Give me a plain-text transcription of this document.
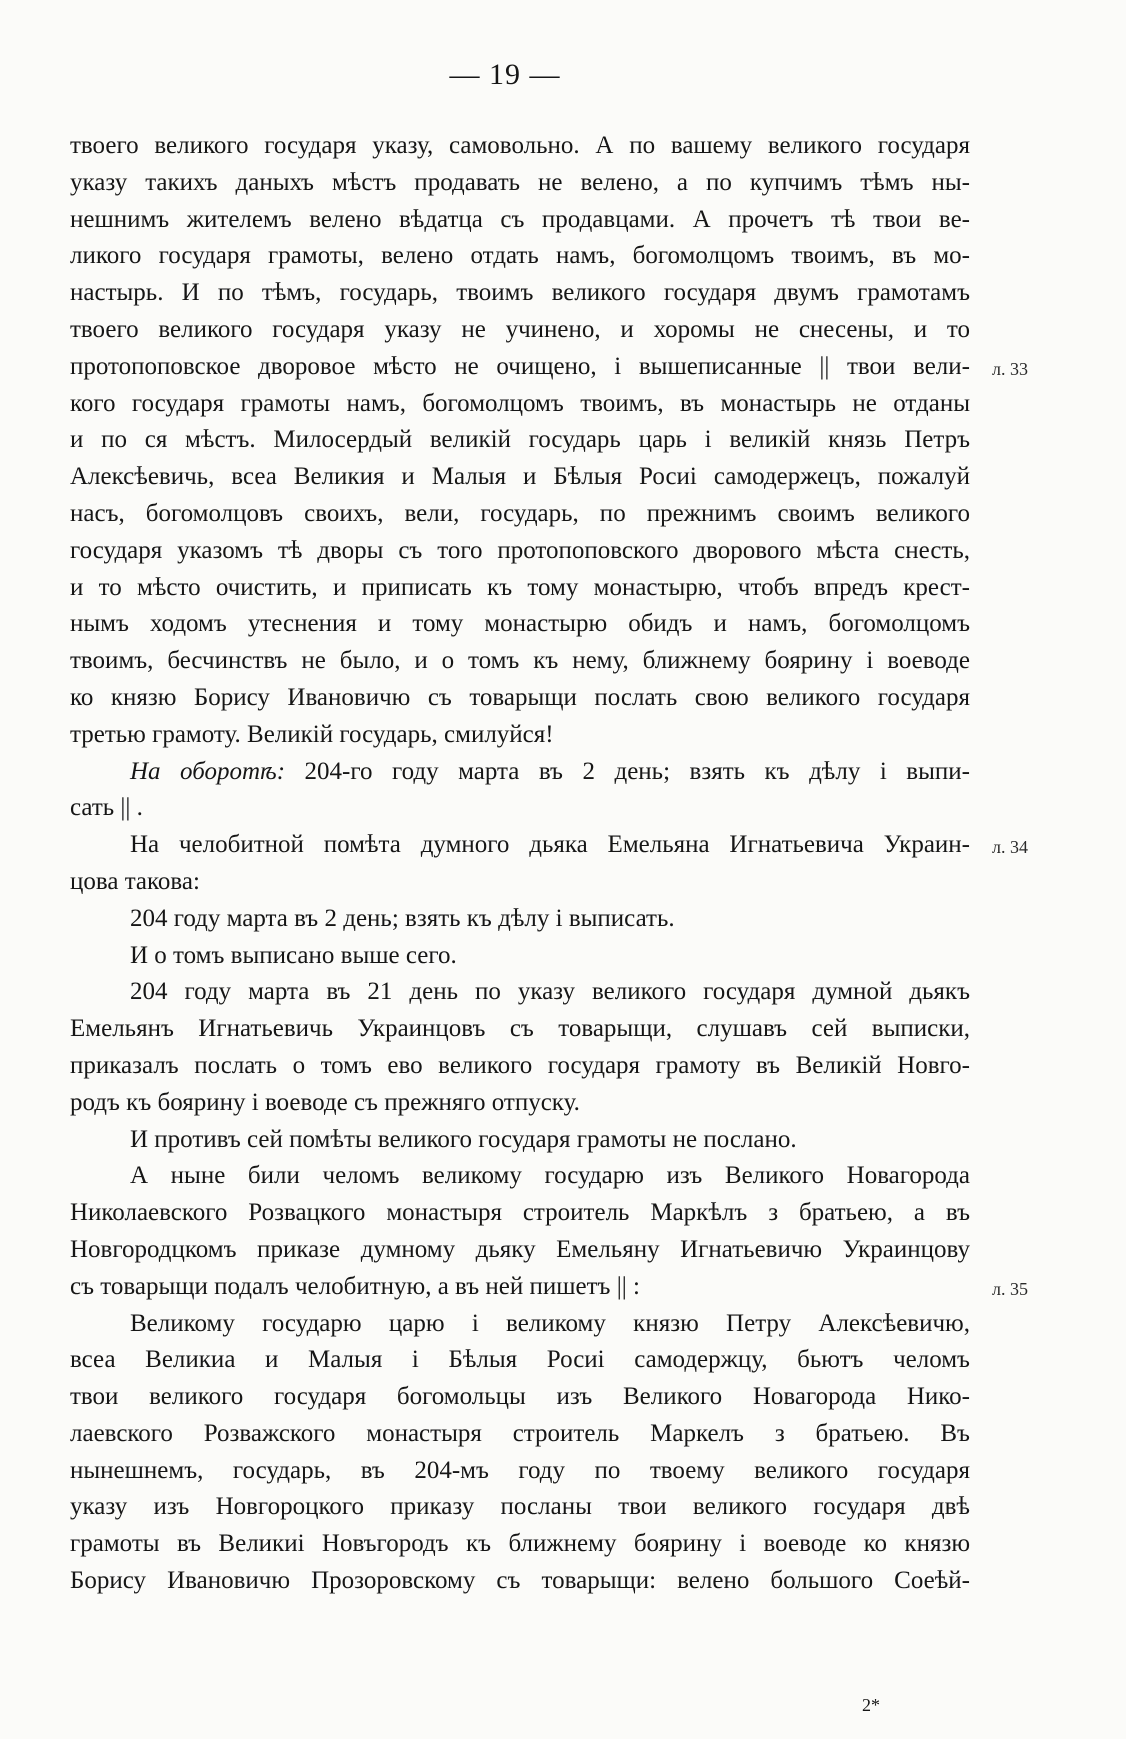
— 19 —
твоего великого государя указу, самовольно. А по вашему великого государя
указу такихъ даныхъ мѣстъ продавать не велено, а по купчимъ тѣмъ ны-
нешнимъ жителемъ велено вѣдатца съ продавцами. А прочетъ тѣ твои ве-
ликого государя грамоты, велено отдать намъ, богомолцомъ твоимъ, въ мо-
настырь. И по тѣмъ, государь, твоимъ великого государя двумъ грамотамъ
твоего великого государя указу не учинено, и хоромы не снесены, и то
протопоповское дворовое мѣсто не очищено, і вышеписанные || твои вели-
кого государя грамоты намъ, богомолцомъ твоимъ, въ монастырь не отданы
и по ся мѣстъ. Милосердый великій государь царь і великій князь Петръ
Алексѣевичь, всеа Великия и Малыя и Бѣлыя Росиі самодержецъ, пожалуй
насъ, богомолцовъ своихъ, вели, государь, по прежнимъ своимъ великого
государя указомъ тѣ дворы съ того протопоповского дворового мѣста снесть,
и то мѣсто очистить, и приписать къ тому монастырю, чтобъ впредъ крест-
нымъ ходомъ утеснения и тому монастырю обидъ и намъ, богомолцомъ
твоимъ, бесчинствъ не было, и о томъ къ нему, ближнему боярину і воеводе
ко князю Борису Ивановичю съ товарыщи послать свою великого государя
третью грамоту. Великій государь, смилуйся!
На оборотѣ: 204-го году марта въ 2 день; взять къ дѣлу і выпи-
сать || .
На челобитной помѣта думного дьяка Емельяна Игнатьевича Украин-
цова такова:
204 году марта въ 2 день; взять къ дѣлу і выписать.
И о томъ выписано выше сего.
204 году марта въ 21 день по указу великого государя думной дьякъ
Емельянъ Игнатьевичь Украинцовъ съ товарыщи, слушавъ сей выписки,
приказалъ послать о томъ ево великого государя грамоту въ Великій Новго-
родъ къ боярину і воеводе съ прежняго отпуску.
И противъ сей помѣты великого государя грамоты не послано.
А ныне били челомъ великому государю изъ Великого Новагорода
Николаевского Розвацкого монастыря строитель Маркѣлъ з братьею, а въ
Новгородцкомъ приказе думному дьяку Емельяну Игнатьевичю Украинцову
съ товарыщи подалъ челобитную, а въ ней пишетъ || :
Великому государю царю і великому князю Петру Алексѣевичю,
всеа Великиа и Малыя і Бѣлыя Росиі самодержцу, бьютъ челомъ
твои великого государя богомольцы изъ Великого Новагорода Нико-
лаевского Розважского монастыря строитель Маркелъ з братьею. Въ
нынешнемъ, государь, въ 204-мъ году по твоему великого государя
указу изъ Новгороцкого приказу посланы твои великого государя двѣ
грамоты въ Великиі Новъгородъ къ ближнему боярину і воеводе ко князю
Борису Ивановичю Прозоровскому съ товарыщи: велено большого Соеѣй-
л. 33
л. 34
л. 35
2*
